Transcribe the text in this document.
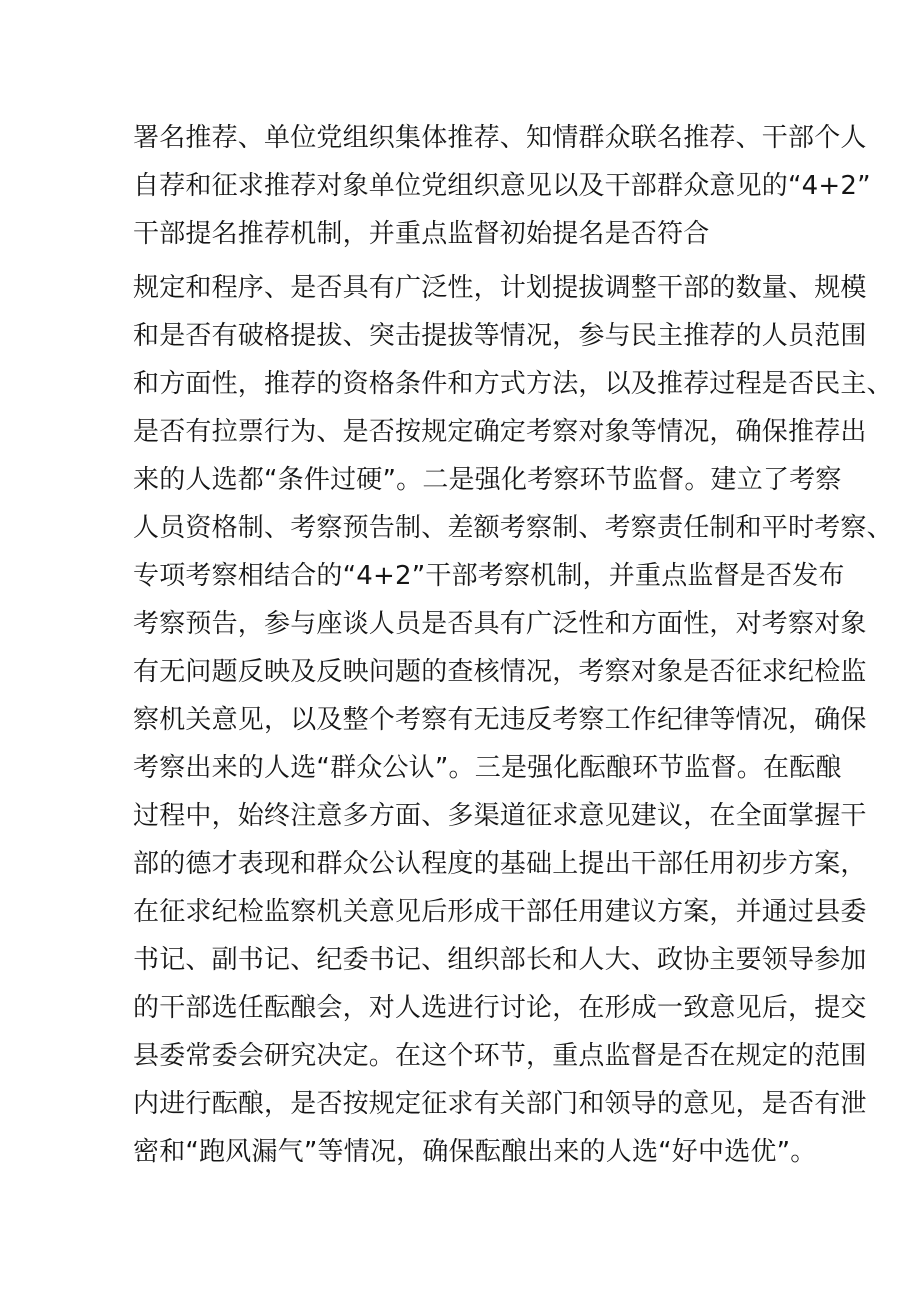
署名推荐、单位党组织集体推荐、知情群众联名推荐、干部个人
自荐和征求推荐对象单位党组织意见以及干部群众意见的“4+2”
干部提名推荐机制，并重点监督初始提名是否符合
规定和程序、是否具有广泛性，计划提拔调整干部的数量、规模
和是否有破格提拔、突击提拔等情况，参与民主推荐的人员范围
和方面性，推荐的资格条件和方式方法，以及推荐过程是否民主、
是否有拉票行为、是否按规定确定考察对象等情况，确保推荐出
来的人选都“条件过硬”。二是强化考察环节监督。建立了考察
人员资格制、考察预告制、差额考察制、考察责任制和平时考察、
专项考察相结合的“4+2”干部考察机制，并重点监督是否发布
考察预告，参与座谈人员是否具有广泛性和方面性，对考察对象
有无问题反映及反映问题的查核情况，考察对象是否征求纪检监
察机关意见，以及整个考察有无违反考察工作纪律等情况，确保
考察出来的人选“群众公认”。三是强化酝酿环节监督。在酝酿
过程中，始终注意多方面、多渠道征求意见建议，在全面掌握干
部的德才表现和群众公认程度的基础上提出干部任用初步方案，
在征求纪检监察机关意见后形成干部任用建议方案，并通过县委
书记、副书记、纪委书记、组织部长和人大、政协主要领导参加
的干部选任酝酿会，对人选进行讨论，在形成一致意见后，提交
县委常委会研究决定。在这个环节，重点监督是否在规定的范围
内进行酝酿，是否按规定征求有关部门和领导的意见，是否有泄
密和“跑风漏气”等情况，确保酝酿出来的人选“好中选优”。
